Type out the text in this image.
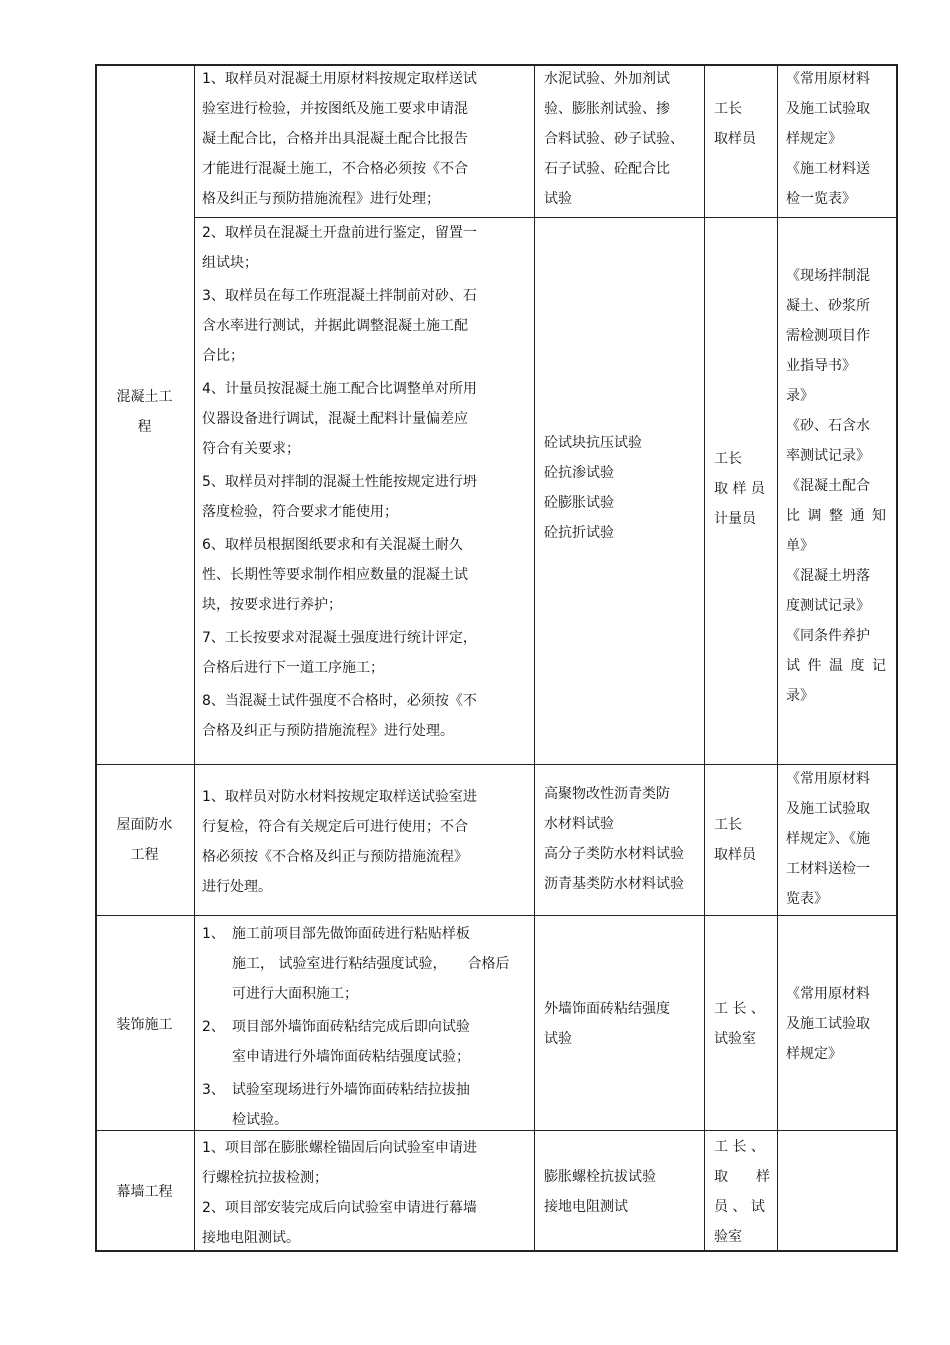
混凝土工

程

1、取样员对混凝土用原材料按规定取样送试
验室进行检验，并按图纸及施工要求申请混
凝土配合比，合格并出具混凝土配合比报告
才能进行混凝土施工，不合格必须按《不合
格及纠正与预防措施流程》进行处理；

水泥试验、外加剂试

验、膨胀剂试验、掺

合料试验、砂子试验、

石子试验、砼配合比

试验

工长

取样员

《常用原材料

及施工试验取

样规定》

《施工材料送

检一览表》

2、取样员在混凝土开盘前进行鉴定，留置一
组试块；

3、取样员在每工作班混凝土拌制前对砂、石
含水率进行测试，并据此调整混凝土施工配
合比；

4、计量员按混凝土施工配合比调整单对所用
仪器设备进行调试，混凝土配料计量偏差应
符合有关要求；

5、取样员对拌制的混凝土性能按规定进行坍
落度检验，符合要求才能使用；

6、取样员根据图纸要求和有关混凝土耐久
性、长期性等要求制作相应数量的混凝土试
块，按要求进行养护；

7、工长按要求对混凝土强度进行统计评定，
合格后进行下一道工序施工；

8、当混凝土试件强度不合格时，必须按《不
合格及纠正与预防措施流程》进行处理。

砼试块抗压试验

砼抗渗试验

砼膨胀试验

砼抗折试验

工长

取 样 员

计量员

《现场拌制混

凝土、砂浆所

需检测项目作

业指导书》

录》

《砂、石含水

率测试记录》

《混凝土配合

比 调 整 通 知

单》

《混凝土坍落

度测试记录》

《同条件养护

试 件 温 度 记

录》

屋面防水

工程

1、取样员对防水材料按规定取样送试验室进
行复检，符合有关规定后可进行使用；不合
格必须按《不合格及纠正与预防措施流程》
进行处理。

高聚物改性沥青类防

水材料试验

高分子类防水材料试验

沥青基类防水材料试验

工长

取样员

《常用原材料

及施工试验取

样规定》、《施

工材料送检一

览表》

装饰施工

1、　施工前项目部先做饰面砖进行粘贴样板
施工， 试验室进行粘结强度试验，　　合格后
可进行大面积施工；

2、　项目部外墙饰面砖粘结完成后即向试验
室申请进行外墙饰面砖粘结强度试验；

3、　试验室现场进行外墙饰面砖粘结拉拔抽
检试验。

外墙饰面砖粘结强度

试验

工 长 、

试验室

《常用原材料

及施工试验取

样规定》

幕墙工程

1、项目部在膨胀螺栓锚固后向试验室申请进
行螺栓抗拉拔检测；

2、项目部安装完成后向试验室申请进行幕墙
接地电阻测试。

膨胀螺栓抗拔试验

接地电阻测试

工 长 、

取　　样

员 、 试

验室
